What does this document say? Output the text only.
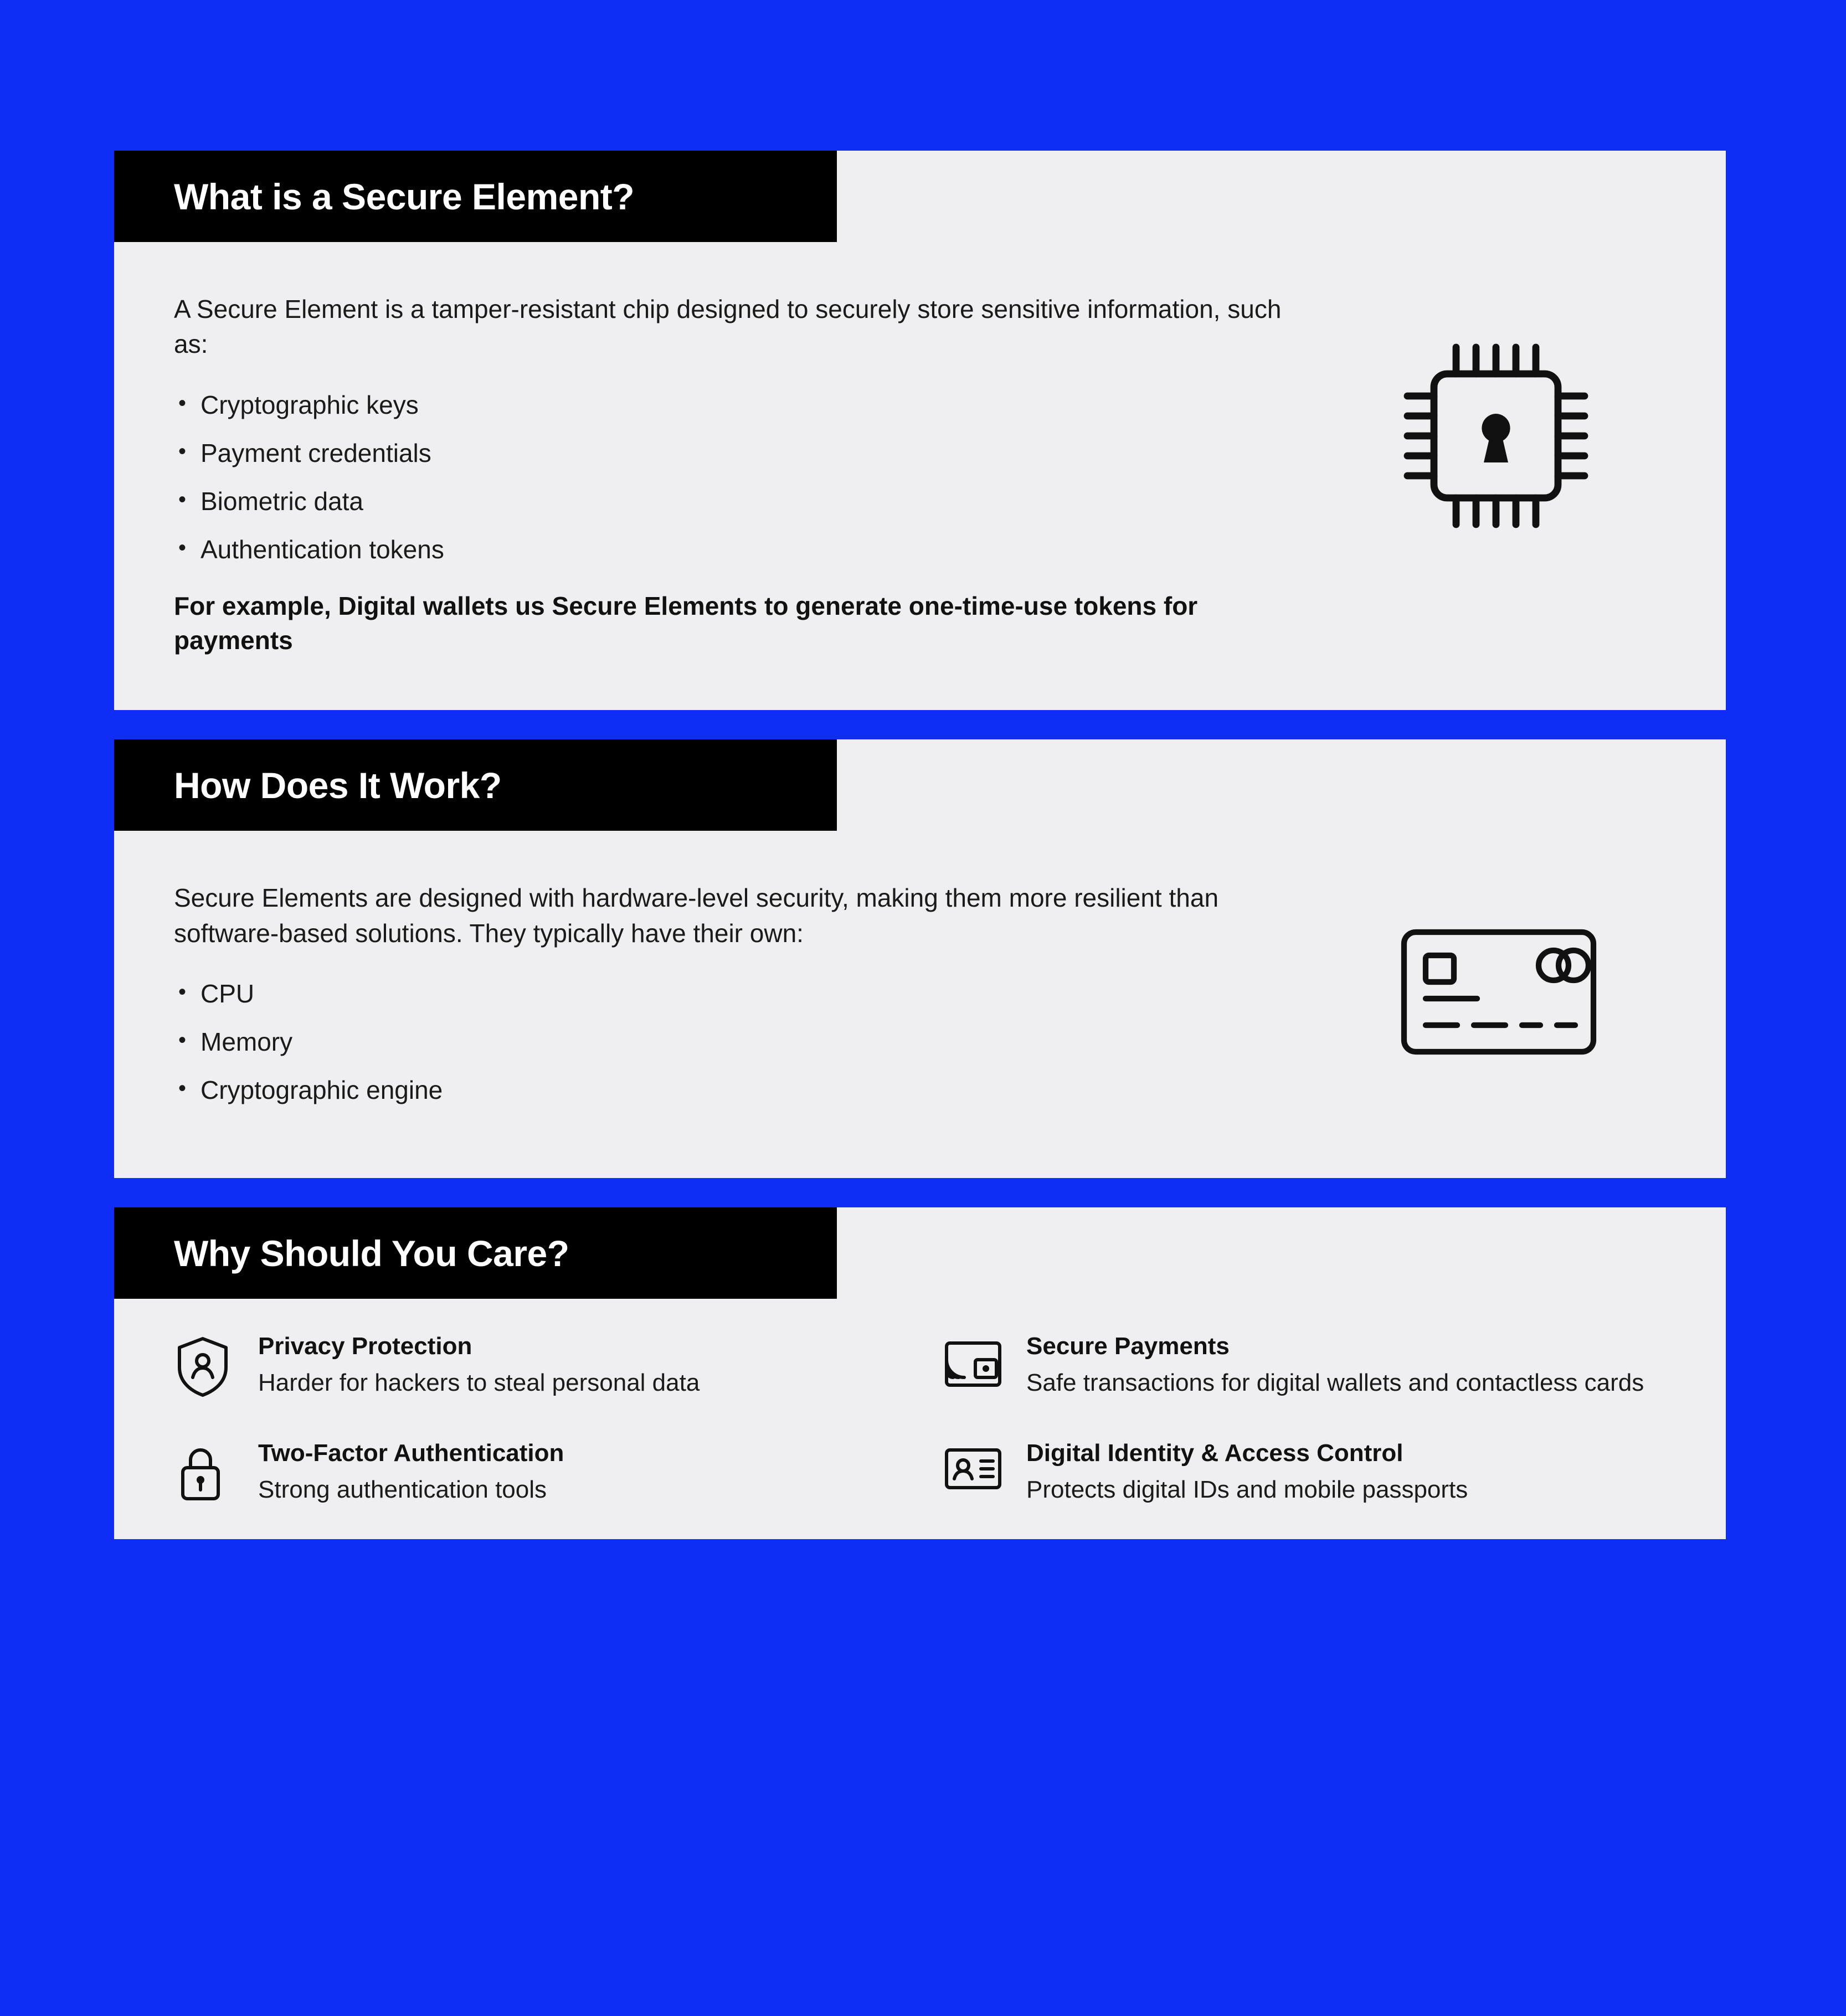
What is a Secure Element?

A Secure Element is a tamper-resistant chip designed to securely store sensitive information, such as:

• Cryptographic keys
• Payment credentials
• Biometric data
• Authentication tokens

For example, Digital wallets us Secure Elements to generate one-time-use tokens for payments

How Does It Work?

Secure Elements are designed with hardware-level security, making them more resilient than software-based solutions. They typically have their own:

• CPU
• Memory
• Cryptographic engine
Why Should You Care?

Privacy Protection

Harder for hackers to steal personal data

Secure Payments

Safe transactions for digital wallets and contactless cards

Two-Factor Authentication

Strong authentication tools

Digital Identity & Access Control

Protects digital IDs and mobile passports
